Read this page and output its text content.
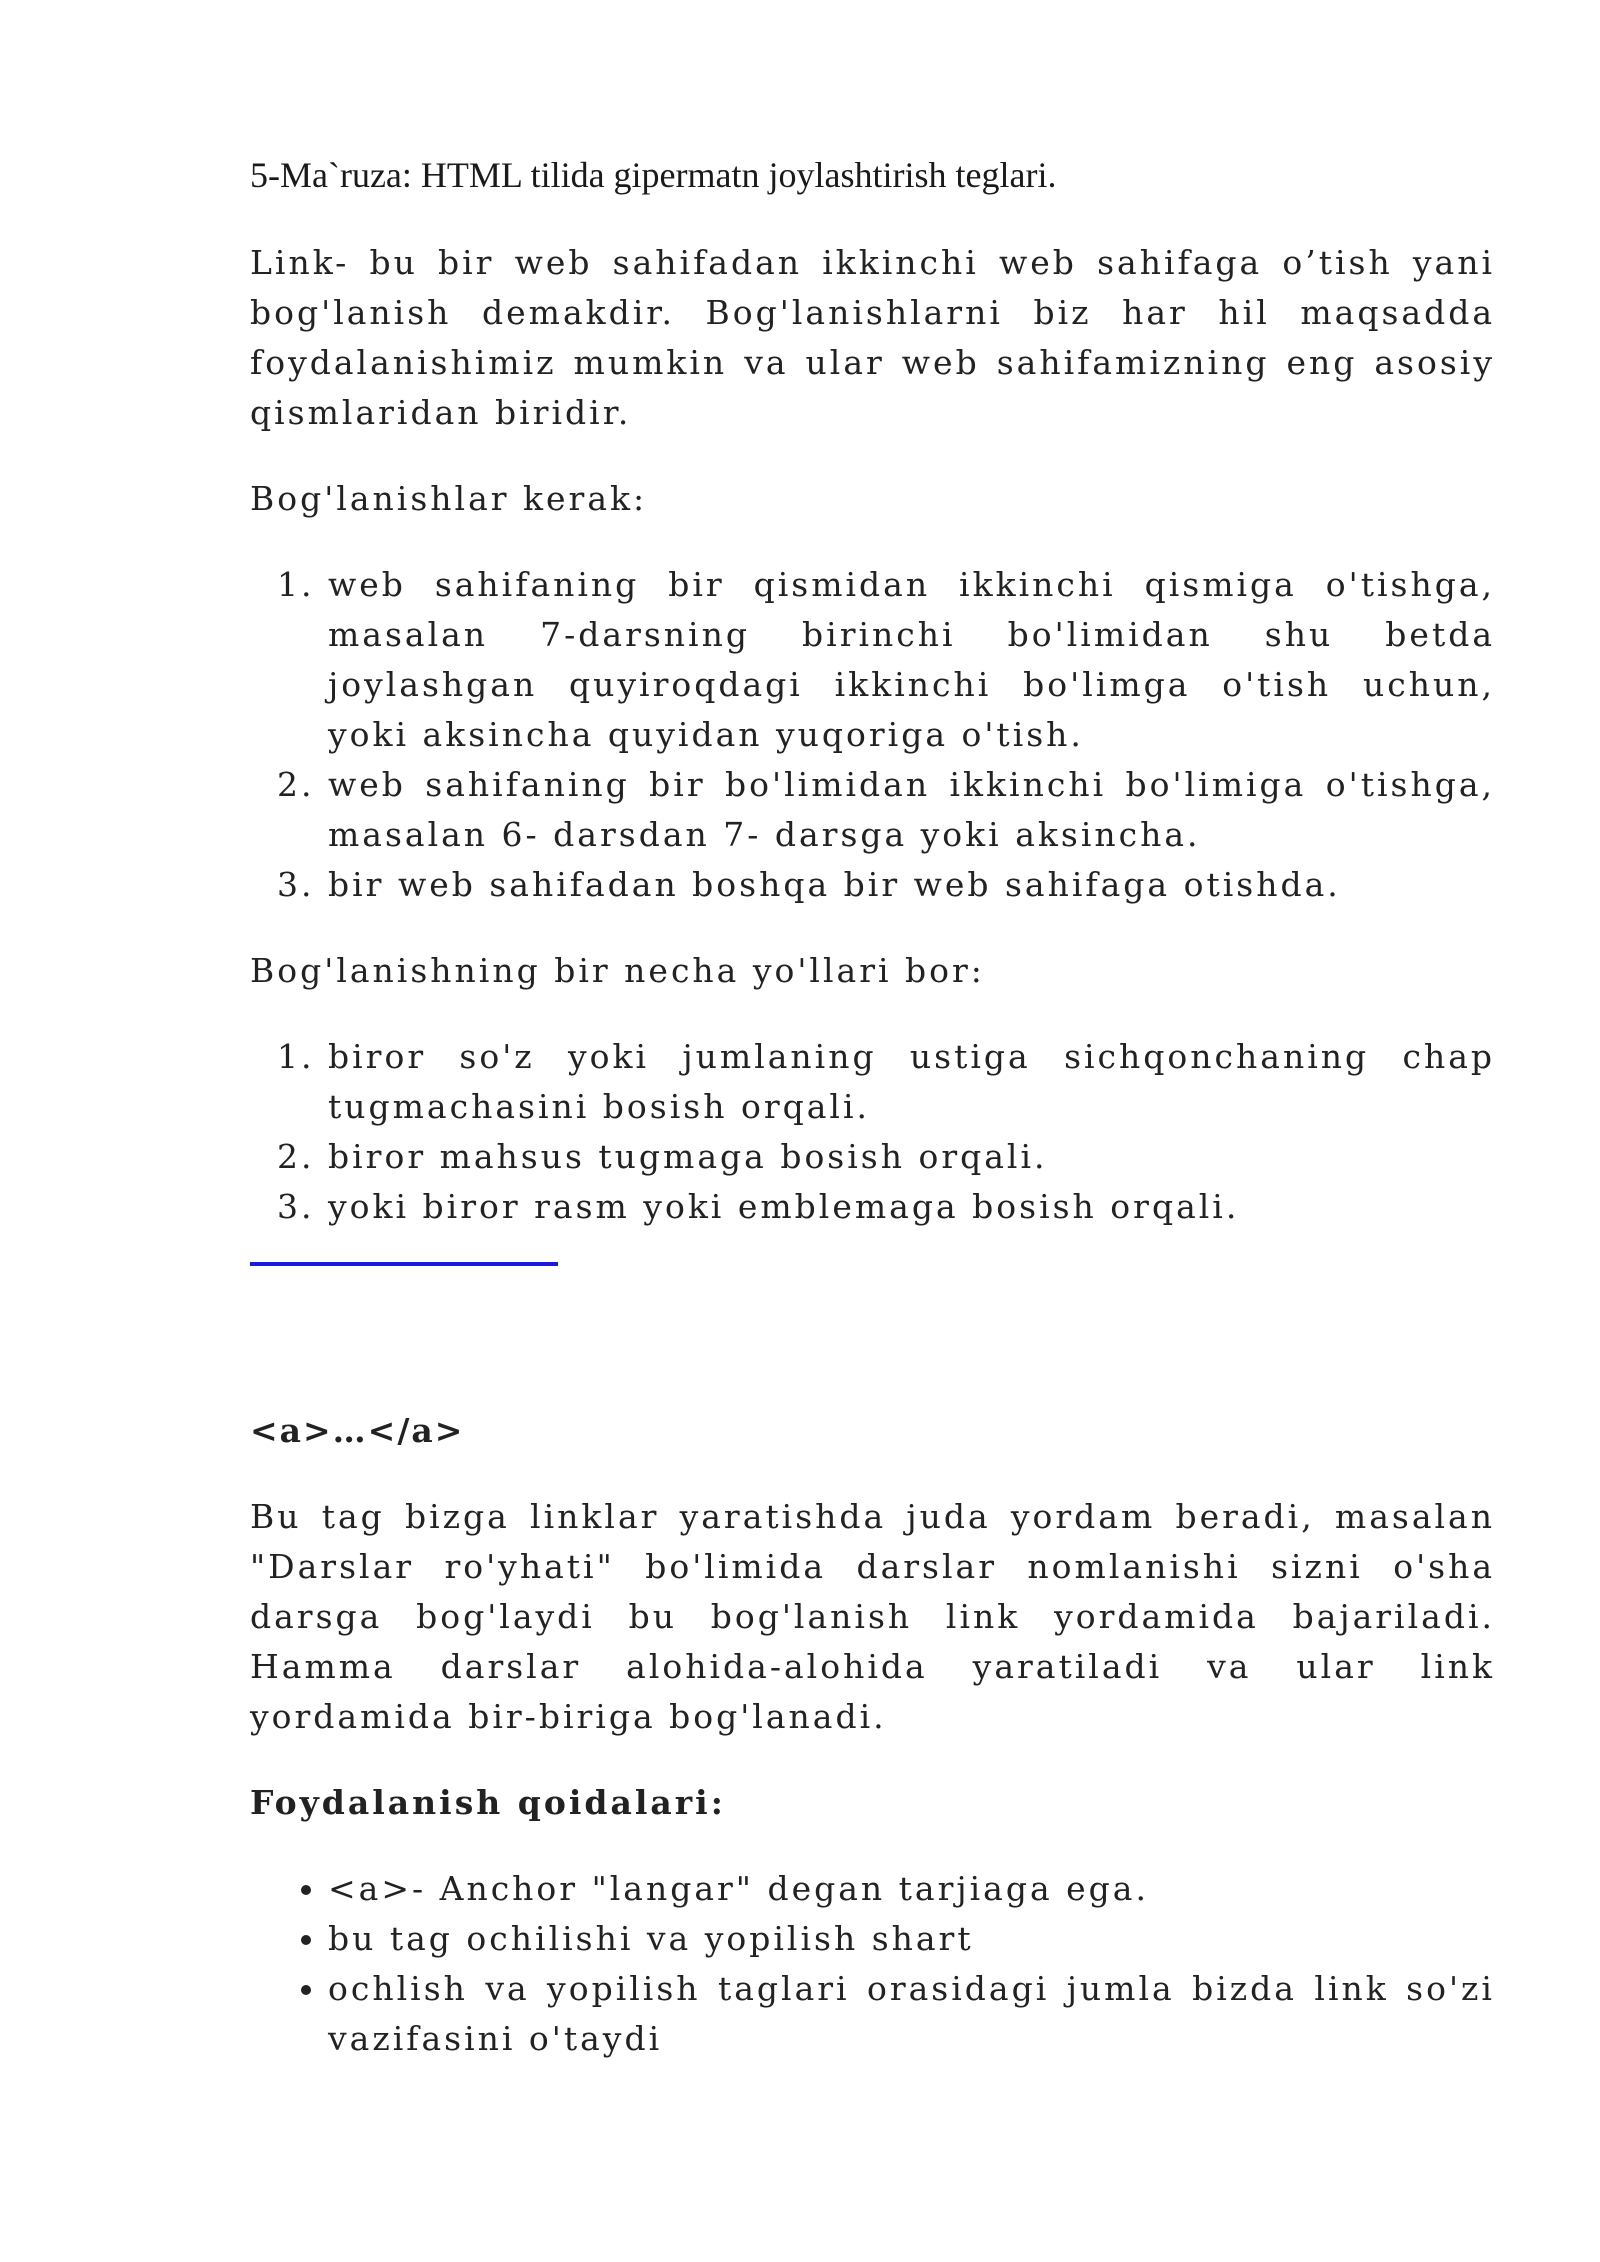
5-Ma`ruza: HTML tilida gipermatn joylashtirish teglari.

Link- bu bir web sahifadan ikkinchi web sahifaga o’tish yani bog'lanish demakdir. Bog'lanishlarni biz har hil maqsadda foydalanishimiz mumkin va ular web sahifamizning eng asosiy qismlaridan biridir.

Bog'lanishlar kerak:

1. web sahifaning bir qismidan ikkinchi qismiga o'tishga, masalan 7-darsning birinchi bo'limidan shu betda joylashgan quyiroqdagi ikkinchi bo'limga o'tish uchun, yoki aksincha quyidan yuqoriga o'tish.
2. web sahifaning bir bo'limidan ikkinchi bo'limiga o'tishga, masalan 6- darsdan 7- darsga yoki aksincha.
3. bir web sahifadan boshqa bir web sahifaga otishda.

Bog'lanishning bir necha yo'llari bor:

1. biror so'z yoki jumlaning ustiga sichqonchaning chap tugmachasini bosish orqali.
2. biror mahsus tugmaga bosish orqali.
3. yoki biror rasm yoki emblemaga bosish orqali.

<a>…</a>

Bu tag bizga linklar yaratishda juda yordam beradi, masalan "Darslar ro'yhati" bo'limida darslar nomlanishi sizni o'sha darsga bog'laydi bu bog'lanish link yordamida bajariladi. Hamma darslar alohida-alohida yaratiladi va ular link yordamida bir-biriga bog'lanadi.

Foydalanish qoidalari:

• <a>- Anchor "langar" degan tarjiaga ega.
• bu tag ochilishi va yopilish shart
• ochlish va yopilish taglari orasidagi jumla bizda link so'zi vazifasini o'taydi
